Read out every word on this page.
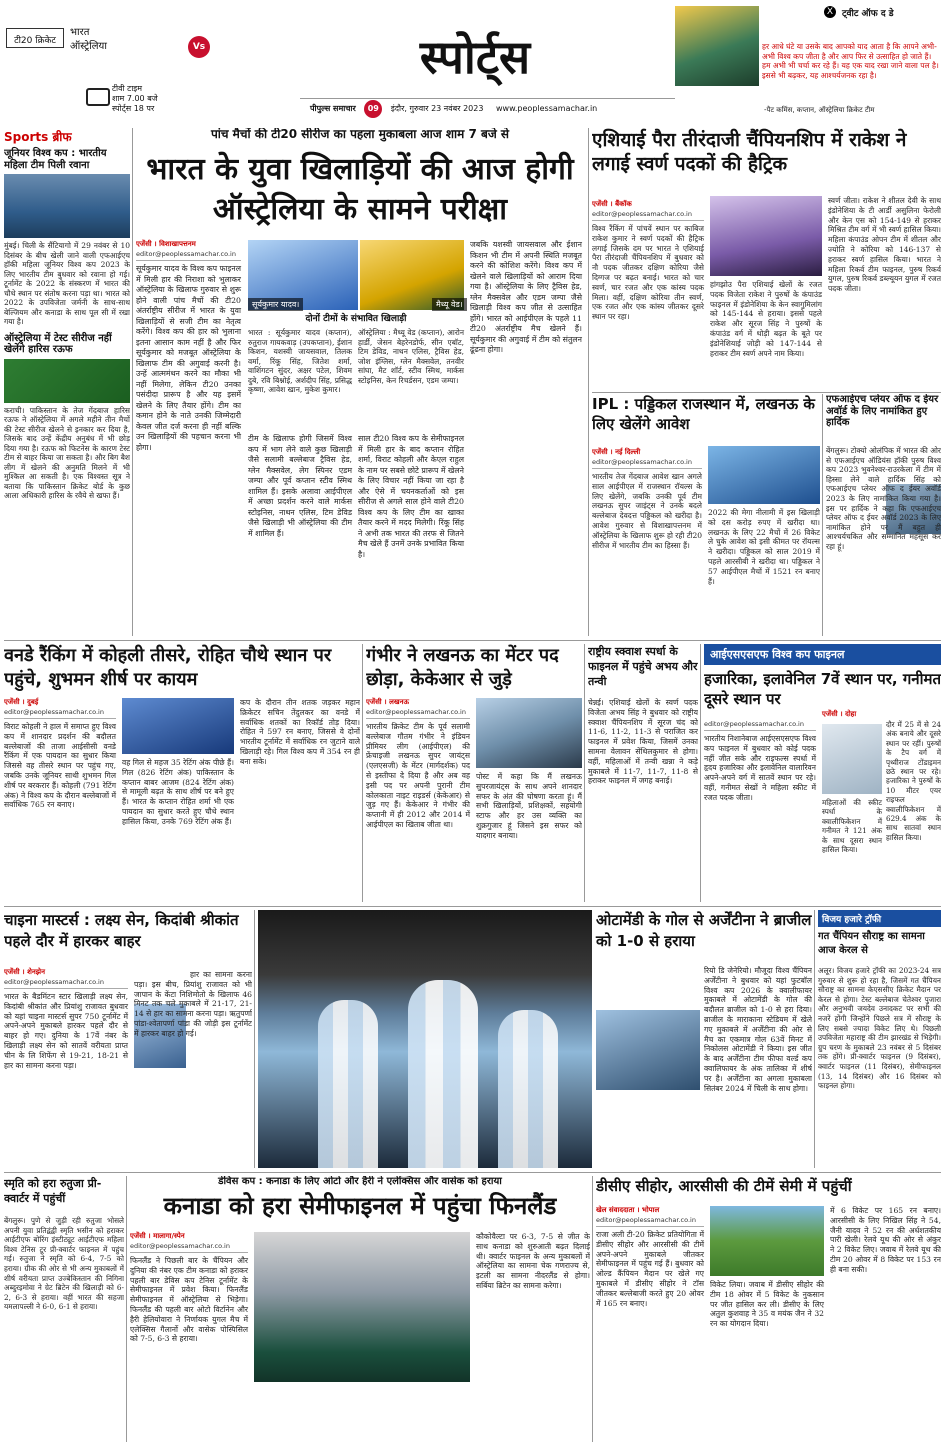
टी20 क्रिकेट
भारत
ऑस्ट्रेलिया	Vs
टीवी टाइम
शाम 7.00 बजे
स्पोर्ट्स 18 पर
स्पोर्ट्स
पीपुल्स समाचार 09 इंदौर, गुरुवार 23 नवंबर 2023 www.peoplessamachar.in
X ट्वीट ऑफ द डे
हर आधे घंटे या उसके बाद आपको याद आता है कि आपने अभी-अभी विश्व कप जीता है और आप फिर से उत्साहित हो जाते हैं। हम अभी भी चर्चा कर रहे हैं। यह एक याद रखा जाने वाला पल है। इससे भी बढ़कर, यह आश्चर्यजनक रहा है।
-पैट कमिंस, कप्तान, ऑस्ट्रेलिया क्रिकेट टीम
Sports ब्रीफ
जूनियर विश्व कप : भारतीय महिला टीम पिली रवाना
मुंबई। चिली के सैंटियागो में 29 नवंबर से 10 दिसंबर के बीच खेली जाने वाली एफआईएच हॉकी महिला जूनियर विश्व कप 2023 के लिए भारतीय टीम बुधवार को रवाना हो गई। टूर्नामेंट के 2022 के संस्करण में भारत की चौथे स्थान पर संतोष करना पड़ा था। भारत को 2022 के उपविजेता जर्मनी के साथ-साथ बेल्जियम और कनाडा के साथ पूल सी में रखा गया है।
ऑस्ट्रेलिया में टेस्ट सीरीज नहीं खेलेंगे हारिस रऊफ
कराची। पाकिस्तान के तेज गेंदबाज हारिस रऊफ ने ऑस्ट्रेलिया में अगले महीने तीन मैचों की टेस्ट सीरीज खेलने से इनकार कर दिया है, जिसके बाद उन्हें केंद्रीय अनुबंध में भी छोड़ दिया गया है। रऊफ को फिटनेस के कारण टेस्ट टीम से बाहर किया जा सकता है। और बिग बैश लीग में खेलने की अनुमति मिलने में भी मुश्किल आ सकती है। एक विश्वस्त सूत्र ने बताया कि पाकिस्तान क्रिकेट बोर्ड के कुछ आला अधिकारी हारिस के रवैये से खफा हैं।
पांच मैचों की टी20 सीरीज का पहला मुकाबला आज शाम 7 बजे से
भारत के युवा खिलाड़ियों की आज होगी ऑस्ट्रेलिया के सामने परीक्षा
एजेंसी । विशाखापत्तनम
editor@peoplessamachar.co.in
सूर्यकुमार यादव के विश्व कप फाइनल में मिली हार की निराशा को भुलाकर ऑस्ट्रेलिया के खिलाफ गुरुवार से शुरू होने वाली पांच मैचों की टी20 अंतर्राष्ट्रीय सीरीज में भारत के युवा खिलाड़ियों से सजी टीम का नेतृत्व करेंगे। विश्व कप की हार को भुलाना इतना आसान काम नहीं है और फिर सूर्यकुमार को मजबूत ऑस्ट्रेलिया के खिलाफ टीम की अगुवाई करनी है। उन्हें आत्ममंथन करने का मौका भी नहीं मिलेगा, लेकिन टी20 उनका पसंदीदा प्रारूप है और यह इसमें खेलने के लिए तैयार होंगे। टीम का कमान होने के नाते उनकी जिम्मेदारी केवल जीत दर्ज करना ही नहीं बल्कि उन खिलाड़ियों की पहचान करना भी होगा।
सूर्यकुमार यादव।	मैथ्यू वेड।
दोनों टीमों के संभावित खिलाड़ी
भारत : सूर्यकुमार यादव (कप्तान), रुतुराज गायकवाड़ (उपकप्तान), ईशान किशन, यशस्वी जायसवाल, तिलक वर्मा, रिंकू सिंह, जितेश शर्मा, वाशिंगटन सुंदर, अक्षर पटेल, शिवम दुबे, रवि बिश्नोई, अर्शदीप सिंह, प्रसिद्ध कृष्णा, आवेश खान, मुकेश कुमार।
ऑस्ट्रेलिया : मैथ्यू वेड (कप्तान), आरोन हार्डी, जेसन बेहरेनडोर्फ, सीन एबॉट, टिम डेविड, नाथन एलिस, ट्रैविस हेड, जोश इंग्लिस, ग्लेन मैक्सवेल, तनवीर सांघा, मैट शॉर्ट, स्टीव स्मिथ, मार्कस स्टोइनिस, केन रिचर्डसन, एडम जम्पा।
टीम के खिलाफ होगी जिसमें विश्व कप में भाग लेने वाले कुछ खिलाड़ी जैसे सलामी बल्लेबाज ट्रैविस हेड, ग्लेन मैक्सवेल, लेग स्पिनर एडम जम्पा और पूर्व कप्तान स्टीव स्मिथ शामिल हैं। इसके अलावा आईपीएल में अच्छा प्रदर्शन करने वाले मार्कस स्टोइनिस, नाथन एलिस, टिम डेविड जैसे खिलाड़ी भी ऑस्ट्रेलिया की टीम में शामिल हैं।
साल टी20 विश्व कप के सेमीफाइनल में मिली हार के बाद कप्तान रोहित शर्मा, विराट कोहली और केएल राहुल के नाम पर सबसे छोटे प्रारूप में खेलने के लिए विचार नहीं किया जा रहा है और ऐसे में चयनकर्ताओं को इस सीरीज से अगले साल होने वाले टी20 विश्व कप के लिए टीम का खाका तैयार करने में मदद मिलेगी। रिंकू सिंह ने अभी तक भारत की तरफ से जितने मैच खेले हैं उनमें उनके प्रभावित किया है।
जबकि यशस्वी जायसवाल और ईशान किशन भी टीम में अपनी स्थिति मजबूत करने की कोशिश करेंगे। विश्व कप में खेलने वाले खिलाड़ियों को आराम दिया गया है। ऑस्ट्रेलिया के लिए ट्रैविस हेड, ग्लेन मैक्सवेल और एडम जम्पा जैसे खिलाड़ी विश्व कप जीत से उत्साहित होंगे। भारत को आईपीएल के पहले 11 टी20 अंतर्राष्ट्रीय मैच खेलने हैं। सूर्यकुमार की अगुवाई में टीम को संतुलन ढूंढना होगा।
एशियाई पैरा तीरंदाजी चैंपियनशिप में राकेश ने लगाई स्वर्ण पदकों की हैट्रिक
एजेंसी । बैंकॉक
editor@peoplessamachar.co.in
विश्व रैंकिंग में पांचवें स्थान पर काबिज राकेश कुमार ने स्वर्ण पदकों की हैट्रिक लगाई जिसके दम पर भारत ने एशियाई पैरा तीरंदाजी चैंपियनशिप में बुधवार को नौ पदक जीतकर दक्षिण कोरिया जैसे दिग्गज पर बढ़त बनाई। भारत को चार स्वर्ण, चार रजत और एक कांस्य पदक मिला। वहीं, दक्षिण कोरिया तीन स्वर्ण, एक रजत और एक कांस्य जीतकर दूसरे स्थान पर रहा।
हांगझोउ पैरा एशियाई खेलों के रजत पदक विजेता राकेश ने पुरुषों के कंपाउंड फाइनल में इंडोनेशिया के केन स्वागुमिलांग को 145-144 से हराया। इससे पहले राकेश और सूरज सिंह ने पुरुषों के कंपाउंड वर्ग में थोड़ी बढ़त के बूते पर इंडोनेशियाई जोड़ी को 147-144 से हराकर टीम स्वर्ण अपने नाम किया।
स्वर्ण जीता। राकेश ने शीतल देवी के साथ इंडोनेशिया के टी आर्डी असुलिना फेरोली और केन एस को 154-149 से हराकर मिश्रित टीम वर्ग में भी स्वर्ण हासिल किया। महिला कंपाउंड ओपन टीम में शीतल और ज्योति ने कोरिया को 146-137 से हराकर स्वर्ण हासिल किया। भारत ने महिला रिकर्व टीम फाइनल, पुरुष रिकर्व युगल, पुरुष रिकर्व डब्ल्यूयन युगल में रजत पदक जीता।
IPL : पड्डिकल राजस्थान में, लखनऊ के लिए खेलेंगे आवेश
एजेंसी । नई दिल्ली
editor@peoplessamachar.co.in
भारतीय तेज गेंदबाज आवेश खान अगले साल आईपीएल में राजस्थान रॉयल्स के लिए खेलेंगे, जबकि उनकी पूर्व टीम लखनऊ सुपर जाइंट्स ने उनके बदले बल्लेबाज देवदत्त पड्डिकल को खरीदा है। आवेश गुरुवार से विशाखापत्तनम में ऑस्ट्रेलिया के खिलाफ शुरू हो रही टी20 सीरीज में भारतीय टीम का हिस्सा हैं।
2022 की मेगा नीलामी में इस खिलाड़ी को दस करोड़ रुपए में खरीदा था। लखनऊ के लिए 22 मैचों में 26 विकेट ले चुके आवेश को इसी कीमत पर रॉयल्स ने खरीदा। पड्डिकल को साल 2019 में पहले आरसीबी ने खरीदा था। पड्डिकल ने 57 आईपीएल मैचों में 1521 रन बनाए हैं।
एफआईएच प्लेयर ऑफ द ईयर अवॉर्ड के लिए नामांकित हुए हार्दिक
बेंगलुरू। टोक्यो ओलंपिक में भारत की ओर से एफआईएच ऑडियंस हॉकी पुरुष विश्व कप 2023 भुवनेश्वर-राउरकेला में टीम में हिस्सा लेने वाले हार्दिक सिंह को एफआईएच प्लेयर ऑफ द ईयर अवॉर्ड 2023 के लिए नामांकित किया गया है। इस पर हार्दिक ने कहा कि एफआईएच प्लेयर ऑफ द ईयर अवॉर्ड 2023 के लिए नामांकित होने पर मैं बहुत ही आश्चर्यचकित और सम्मानित महसूस कर रहा हूं।
वनडे रैंकिंग में कोहली तीसरे, रोहित चौथे स्थान पर पहुंचे, शुभमन शीर्ष पर कायम
एजेंसी । दुबई
editor@peoplessamachar.co.in
विराट कोहली ने हाल में समाप्त हुए विश्व कप में शानदार प्रदर्शन की बदौलत बल्लेबाजों की ताजा आईसीसी वनडे रैंकिंग में एक पायदान का सुधार किया जिससे वह तीसरे स्थान पर पहुंच गए, जबकि उनके जूनियर साथी शुभमन गिल शीर्ष पर बरकरार हैं। कोहली (791 रेटिंग अंक) ने विश्व कप के दौरान बल्लेबाजों में सर्वाधिक 765 रन बनाए।
वह गिल से महज 35 रेटिंग अंक पीछे हैं। गिल (826 रेटिंग अंक) पाकिस्तान के कप्तान बाबर आजम (824 रेटिंग अंक) से मामूली बढ़त के साथ शीर्ष पर बने हुए हैं। भारत के कप्तान रोहित शर्मा भी एक पायदान का सुधार करते हुए चौथे स्थान हासिल किया, उनके 769 रेटिंग अंक हैं।
कप के दौरान तीन शतक जड़कर महान क्रिकेटर सचिन तेंदुलकर का वनडे में सर्वाधिक शतकों का रिकॉर्ड तोड़ दिया। रोहित ने 597 रन बनाए, जिससे वे दोनों भारतीय टूर्नामेंट में सर्वाधिक रन जुटाने वाले खिलाड़ी रहे। गिल विश्व कप में 354 रन ही बना सके।
गंभीर ने लखनऊ का मेंटर पद छोड़ा, केकेआर से जुड़े
एजेंसी । लखनऊ
editor@peoplessamachar.co.in
भारतीय क्रिकेट टीम के पूर्व सलामी बल्लेबाज गौतम गंभीर ने इंडियन प्रीमियर लीग (आईपीएल) की फ्रेंचाइजी लखनऊ सुपर जायंट्स (एलएसजी) के मेंटर (मार्गदर्शक) पद से इस्तीफा दे दिया है और अब वह इसी पद पर अपनी पुरानी टीम कोलकाता नाइट राइडर्स (केकेआर) से जुड़ गए हैं। केकेआर ने गंभीर की कप्तानी में ही 2012 और 2014 में आईपीएल का खिताब जीता था।
पोस्ट में कहा कि मैं लखनऊ सुपरजायंट्स के साथ अपने शानदार सफर के अंत की घोषणा करता हूं। मैं सभी खिलाड़ियों, प्रशिक्षकों, सहयोगी स्टाफ और हर उस व्यक्ति का शुक्रगुजार हूं जिसने इस सफर को यादगार बनाया।
राष्ट्रीय स्क्वाश स्पर्धा के फाइनल में पहुंचे अभय और तन्वी
चेन्नई। एशियाई खेलों के स्वर्ण पदक विजेता अभय सिंह ने बुधवार को राष्ट्रीय स्क्वाश चैंपियनशिप में सूरज चंद को 11-6, 11-2, 11-3 से पराजित कर फाइनल में प्रवेश किया, जिसमें उनका सामना वेलावन सेंथिलकुमार से होगा। वहीं, महिलाओं में तन्वी खन्ना ने कड़े मुकाबले में 11-7, 11-7, 11-8 से हराकर फाइनल में जगह बनाई।
आईएसएसएफ विश्व कप फाइनल
हजारिका, इलावेनिल 7वें स्थान पर, गनीमत दूसरे स्थान पर
एजेंसी । दोहा
editor@peoplessamachar.co.in
भारतीय निशानेबाज आईएसएसएफ विश्व कप फाइनल में बुधवार को कोई पदक नहीं जीत सके और राइफल्स स्पर्धा में हृदय हजारिका और इलावेनिल वालारिवन अपने-अपने वर्ग में सातवें स्थान पर रहे। वहीं, गनीमत सेखों ने महिला स्कीट में रजत पदक जीता।
दौर में 25 में से 24 अंक बनाये और दूसरे स्थान पर रहीं। पुरुषों के टैप वर्ग में पृथ्वीराज टोंडाइमन छठे स्थान पर रहे। हजारिका ने पुरुषों के 10 मीटर एयर राइफल क्वालीफिकेशन में 629.4 अंक के साथ सातवां स्थान हासिल किया।
महिलाओं की स्कीट स्पर्धा के क्वालीफिकेशन में गनीमत ने 121 अंक के साथ दूसरा स्थान हासिल किया।
चाइना मास्टर्स : लक्ष्य सेन, किदांबी श्रीकांत पहले दौर में हारकर बाहर
एजेंसी । शेनझेन
editor@peoplessamachar.co.in
भारत के बैडमिंटन स्टार खिलाड़ी लक्ष्य सेन, किदांबी श्रीकांत और प्रियांशु राजावत बुधवार को यहां चाइना मास्टर्स सुपर 750 टूर्नामेंट में अपने-अपने मुकाबले हारकर पहले दौर से बाहर हो गए। दुनिया के 17वें नंबर के खिलाड़ी लक्ष्य सेन को सातवें वरीयता प्राप्त चीन के लि शिफेंग से 19-21, 18-21 से हार का सामना करना पड़ा।
हार का सामना करना पड़ा। इस बीच, प्रियांशु राजावत को भी जापान के केंटा निशिमोतो के खिलाफ 46 मिनट तक चले मुकाबले में 21-17, 21-14 से हार का सामना करना पड़ा। ऋतुपर्णा पांडा-श्वेतापर्णा पांडा की जोड़ी इस टूर्नामेंट में हारकर बाहर हो गई।
ओटामेंडी के गोल से अर्जेंटीना ने ब्राजील को 1-0 से हराया
रियो डि जेनेरियो। मौजूदा विश्व चैंपियन अर्जेंटीना ने बुधवार को यहां फुटबॉल विश्व कप 2026 के क्वालीफायर मुकाबले में ओटामेंडी के गोल की बदौलत ब्राजील को 1-0 से हरा दिया। ब्राजील के माराकाना स्टेडियम में खेले गए मुकाबले में अर्जेंटीना की ओर से मैच का एकमात्र गोल 63वें मिनट में निकोलस ओटामेंडी ने किया। इस जीत के बाद अर्जेंटीना टीम फीफा वर्ल्ड कप क्वालिफायर के अंक तालिका में शीर्ष पर है। अर्जेंटीना का अगला मुकाबला सितंबर 2024 में चिली के साथ होगा।
विजय हजारे ट्रॉफी
गत चैंपियन सौराष्ट्र का सामना आज केरल से
अलूर। विजय हजारे ट्रॉफी का 2023-24 सत्र गुरुवार से शुरू हो रहा है, जिसमें गत चैंपियन सौराष्ट्र का सामना केएससीए क्रिकेट मैदान पर केरल से होगा। टेस्ट बल्लेबाज चेतेश्वर पुजारा और अनुभवी जयदेव उनादकट पर सभी की नजरें होंगी जिन्होंने पिछले सत्र में सौराष्ट्र के लिए सबसे ज्यादा विकेट लिए थे। पिछली उपविजेता महाराष्ट्र की टीम झारखंड से भिड़ेगी। ग्रुप चरण के मुकाबले 23 नवंबर से 5 दिसंबर तक होंगे। प्री-क्वार्टर फाइनल (9 दिसंबर), क्वार्टर फाइनल (11 दिसंबर), सेमीफाइनल (13, 14 दिसंबर) और 16 दिसंबर को फाइनल होगा।
स्मृति को हरा रुतुजा प्री-क्वार्टर में पहुंचीं
बेंगलुरू। पुणे से जुड़ी रही रुतुजा भोसले अपनी युवा प्रतिद्वंद्वी स्मृति भसीन को हराकर आईटीएफ बोरिंग इंस्टीट्यूट आईटीएफ महिला विश्व टेनिस टूर प्री-क्वार्टर फाइनल में पहुंच गई। रुतुजा ने स्मृति को 6-4, 7-5 को हराया। ग्रीक की ओर से भी अन्य मुकाबलों में शीर्ष वरीयता प्राप्त उज्बेकिस्तान की निगिना अब्दुरइमोवा ने ग्रेट ब्रिटेन की खिलाड़ी को 6-2, 6-3 से हराया। वहीं भारत की सहजा यमलापल्ली ने 6-0, 6-1 से हराया।
डेविस कप : कनाडा के लिए ओटो और हैरी ने एलेक्सिस और वासेक को हराया
कनाडा को हरा सेमीफाइनल में पहुंचा फिनलैंड
एजेंसी । मालागा/स्पेन
editor@peoplessamachar.co.in
फिनलैंड ने पिछली बार के चैंपियन और दुनिया की नंबर एक टीम कनाडा को हराकर पहली बार डेविस कप टेनिस टूर्नामेंट के सेमीफाइनल में प्रवेश किया। फिनलैंड सेमीफाइनल में ऑस्ट्रेलिया से भिड़ेगा। फिनलैंड की पहली बार ओटो विर्टानेन और हैरी हेलियोवारा ने निर्णायक युगल मैच में एलेक्सिस गैलार्नो और वासेक पोस्पिसिल को 7-5, 6-3 से हराया।
कौकोवैल्टा पर 6-3, 7-5 से जीत के साथ कनाडा को शुरुआती बढ़त दिलाई थी। क्वार्टर फाइनल के अन्य मुकाबलों में ऑस्ट्रेलिया का सामना चेक गणराज्य से, इटली का सामना नीदरलैंड से होगा। सर्बिया ब्रिटेन का सामना करेगा।
डीसीए सीहोर, आरसीसी की टीमें सेमी में पहुंचीं
खेल संवाददाता । भोपाल
editor@peoplessamachar.co.in
राजा अली टी-20 क्रिकेट प्रतियोगिता में डीसीए सीहोर और आरसीसी की टीमें अपने-अपने मुकाबले जीतकर सेमीफाइनल में पहुंच गई हैं। बुधवार को ओल्ड कैंपियन मैदान पर खेले गए मुकाबले में डीसीए सीहोर ने टॉस जीतकर बल्लेबाजी करते हुए 20 ओवर में 165 रन बनाए।
विकेट लिया। जवाब में डीसीए सीहोर की टीम 18 ओवर में 5 विकेट के नुकसान पर जीत हासिल कर ली। डीसीए के लिए अतुल कुशवाह ने 35 व मयंक जैन ने 32 रन का योगदान दिया।
में 6 विकेट पर 165 रन बनाए। आरसीसी के लिए निखिल सिंह ने 54, जैनी यादव ने 52 रन की अर्धशतकीय पारी खेली। रेलवे यूथ की ओर से अंकुर ने 2 विकेट लिए। जवाब में रेलवे यूथ की टीम 20 ओवर में 8 विकेट पर 153 रन ही बना सकी।
